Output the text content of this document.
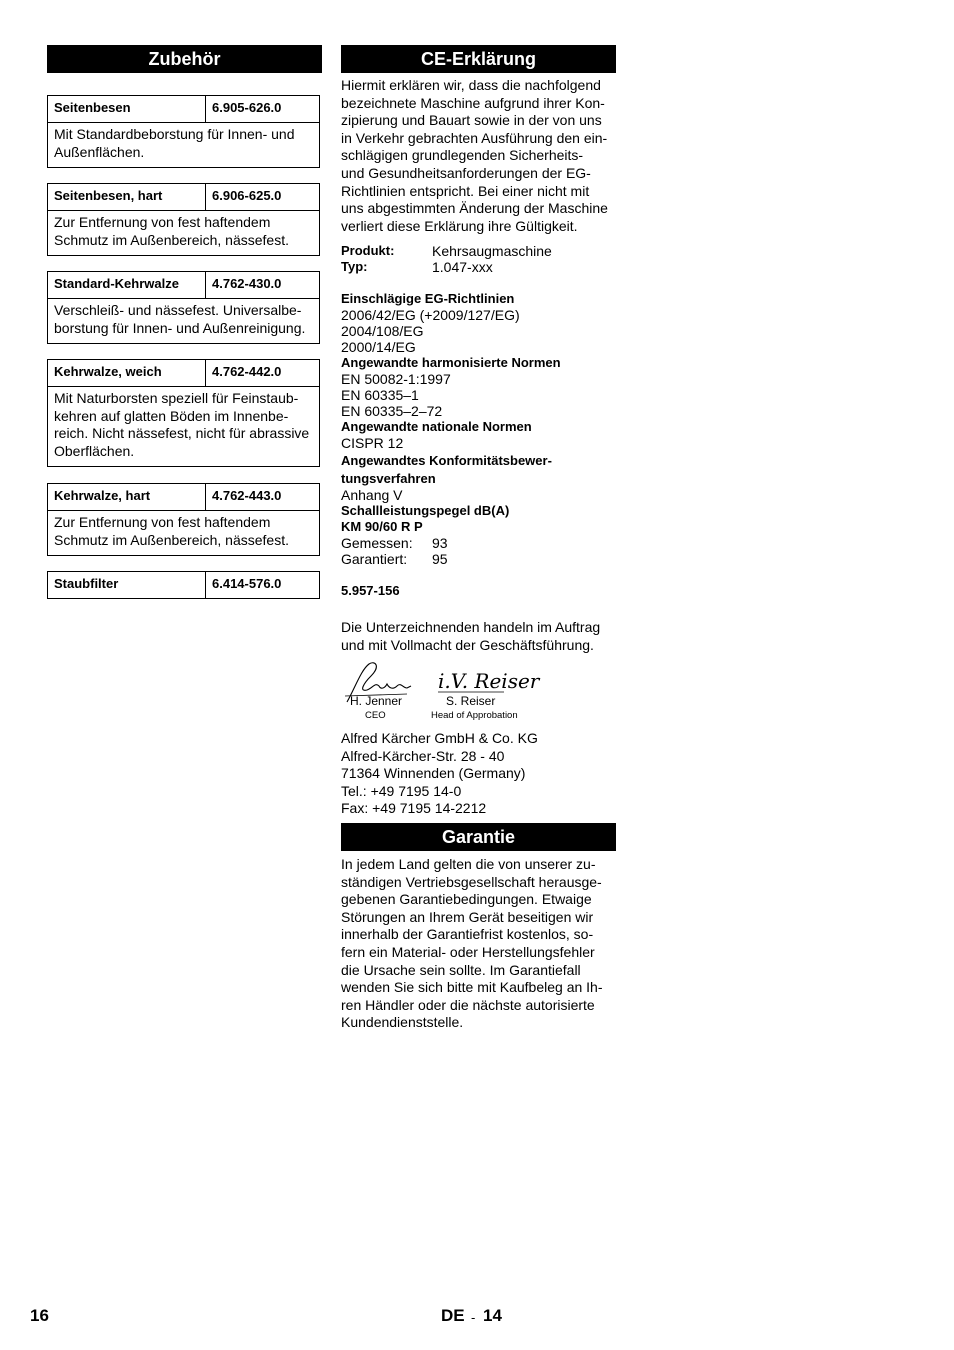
Zubehör
Seitenbesen	6.905-626.0
Mit Standardbeborstung für Innen- und
Außenflächen.
Seitenbesen, hart	6.906-625.0
Zur Entfernung von fest haftendem
Schmutz im Außenbereich, nässefest.
Standard-Kehrwalze	4.762-430.0
Verschleiß- und nässefest. Universalbe-
borstung für Innen- und Außenreinigung.
Kehrwalze, weich	4.762-442.0
Mit Naturborsten speziell für Feinstaub-
kehren auf glatten Böden im Innenbe-
reich. Nicht nässefest, nicht für abrassive
Oberflächen.
Kehrwalze, hart	4.762-443.0
Zur Entfernung von fest haftendem
Schmutz im Außenbereich, nässefest.
Staubfilter	6.414-576.0
CE-Erklärung
Hiermit erklären wir, dass die nachfolgend
bezeichnete Maschine aufgrund ihrer Kon-
zipierung und Bauart sowie in der von uns
in Verkehr gebrachten Ausführung den ein-
schlägigen grundlegenden Sicherheits-
und Gesundheitsanforderungen der EG-
Richtlinien entspricht. Bei einer nicht mit
uns abgestimmten Änderung der Maschine
verliert diese Erklärung ihre Gültigkeit.
Produkt:	Kehrsaugmaschine
Typ:	1.047-xxx
Einschlägige EG-Richtlinien
2006/42/EG (+2009/127/EG)
2004/108/EG
2000/14/EG
Angewandte harmonisierte Normen
EN 50082-1:1997
EN 60335–1
EN 60335–2–72
Angewandte nationale Normen
CISPR 12
Angewandtes Konformitätsbewer-
tungsverfahren
Anhang V
Schallleistungspegel dB(A)
KM 90/60 R P
Gemessen:	93
Garantiert:	95
5.957-156
Die Unterzeichnenden handeln im Auftrag
und mit Vollmacht der Geschäftsführung.
i.V. Reiser
H. Jenner
CEO
S. Reiser
Head of Approbation
Alfred Kärcher GmbH & Co. KG
Alfred-Kärcher-Str. 28 - 40
71364 Winnenden (Germany)
Tel.: +49 7195 14-0
Fax: +49 7195 14-2212
Garantie
In jedem Land gelten die von unserer zu-
ständigen Vertriebsgesellschaft herausge-
gebenen Garantiebedingungen. Etwaige
Störungen an Ihrem Gerät beseitigen wir
innerhalb der Garantiefrist kostenlos, so-
fern ein Material- oder Herstellungsfehler
die Ursache sein sollte. Im Garantiefall
wenden Sie sich bitte mit Kaufbeleg an Ih-
ren Händler oder die nächste autorisierte
Kundendienststelle.
16	DE - 14
